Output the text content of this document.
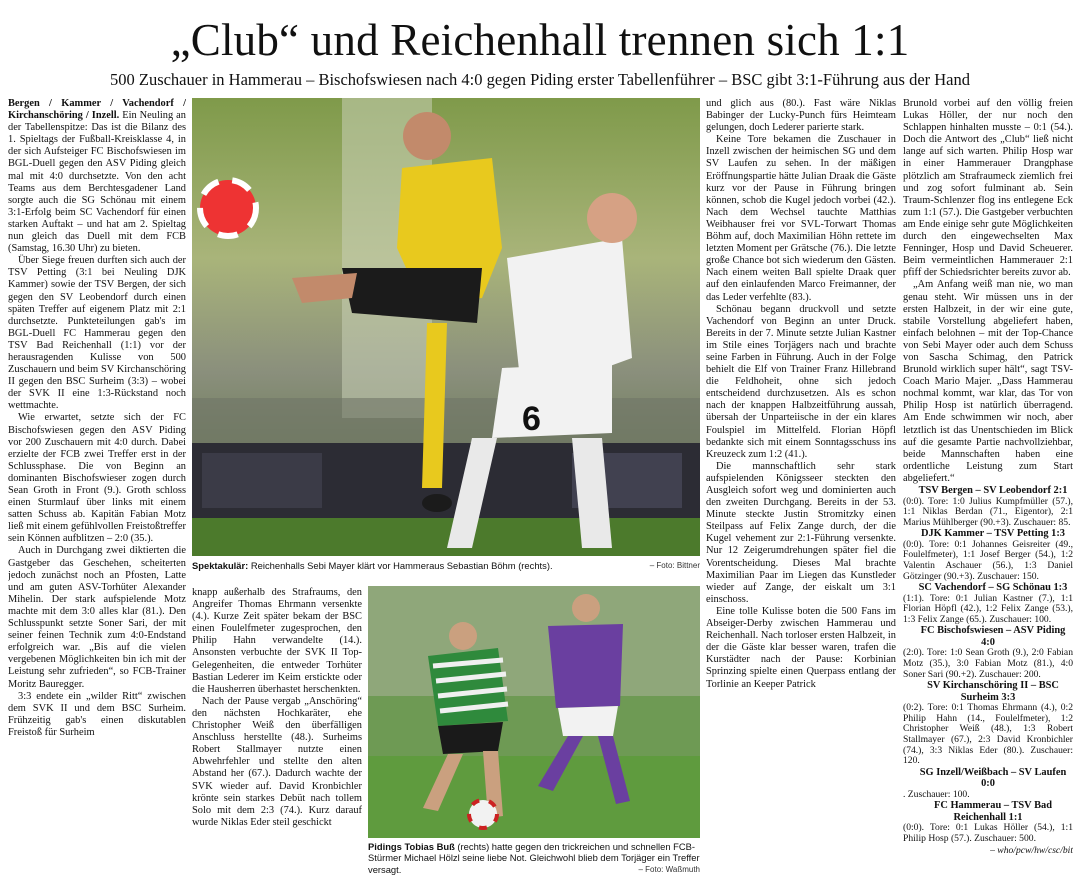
„Club“ und Reichenhall trennen sich 1:1

500 Zuschauer in Hammerau – Bischofswiesen nach 4:0 gegen Piding erster Tabellenführer – BSC gibt 3:1-Führung aus der Hand

Bergen / Kammer / Vachendorf / Kirchanschöring / Inzell. Ein Neuling an der Tabellenspitze: Das ist die Bilanz des 1. Spieltags der Fußball-Kreisklasse 4, in der sich Aufsteiger FC Bischofswiesen im BGL-Duell gegen den ASV Piding gleich mal mit 4:0 durchsetzte. Von den acht Teams aus dem Berchtesgadener Land sorgte auch die SG Schönau mit einem 3:1-Erfolg beim SC Vachendorf für einen starken Auftakt – und hat am 2. Spieltag nun gleich das Duell mit dem FCB (Samstag, 16.30 Uhr) zu bieten.

Über Siege freuen durften sich auch der TSV Petting (3:1 bei Neuling DJK Kammer) sowie der TSV Bergen, der sich gegen den SV Leobendorf durch einen späten Treffer auf eigenem Platz mit 2:1 durchsetzte. Punkteteilungen gab's im BGL-Duell FC Hammerau gegen den TSV Bad Reichenhall (1:1) vor der herausragenden Kulisse von 500 Zuschauern und beim SV Kirchanschöring II gegen den BSC Surheim (3:3) – wobei der SVK II eine 1:3-Rückstand noch wettmachte.

Wie erwartet, setzte sich der FC Bischofswiesen gegen den ASV Piding vor 200 Zuschauern mit 4:0 durch. Dabei erzielte der FCB zwei Treffer erst in der Schlussphase. Die von Beginn an dominanten Bischofswieser zogen durch Sean Groth in Front (9.). Groth schloss einen Sturmlauf über links mit einem satten Schuss ab. Kapitän Fabian Motz ließ mit einem gefühlvollen Freistoßtreffer sein Können aufblitzen – 2:0 (35.).

Auch in Durchgang zwei diktierten die Gastgeber das Geschehen, scheiterten jedoch zunächst noch an Pfosten, Latte und am guten ASV-Torhüter Alexander Mihelin. Der stark aufspielende Motz machte mit dem 3:0 alles klar (81.). Den Schlusspunkt setzte Soner Sari, der mit seiner feinen Technik zum 4:0-Endstand erfolgreich war. „Bis auf die vielen vergebenen Möglichkeiten bin ich mit der Leistung sehr zufrieden“, so FCB-Trainer Moritz Bauregger.

3:3 endete ein „wilder Ritt“ zwischen dem SVK II und dem BSC Surheim. Frühzeitig gab's einen diskutablen Freistoß für Surheim

6
Spektakulär: Reichenhalls Sebi Mayer klärt vor Hammeraus Sebastian Böhm (rechts).	– Foto: Bittner

knapp außerhalb des Strafraums, den Angreifer Thomas Ehrmann versenkte (4.). Kurze Zeit später bekam der BSC einen Foulelfmeter zugesprochen, den Philip Hahn verwandelte (14.). Ansonsten verbuchte der SVK II Top-Gelegenheiten, die entweder Torhüter Bastian Lederer im Keim erstickte oder die Hausherren überhastet herschenkten.

Nach der Pause vergab „Anschöring“ den nächsten Hochkaräter, ehe Christopher Weiß den überfälligen Anschluss herstellte (48.). Surheims Robert Stallmayer nutzte einen Abwehrfehler und stellte den alten Abstand her (67.). Dadurch wachte der SVK wieder auf. David Kronbichler krönte sein starkes Debüt nach tollem Solo mit dem 2:3 (74.). Kurz darauf wurde Niklas Eder steil geschickt

Pidings Tobias Buß (rechts) hatte gegen den trickreichen und schnellen FCB-Stürmer Michael Hölzl seine liebe Not. Gleichwohl blieb dem Torjäger ein Treffer versagt.	– Foto: Waßmuth

und glich aus (80.). Fast wäre Niklas Babinger der Lucky-Punch fürs Heimteam gelungen, doch Lederer parierte stark.

Keine Tore bekamen die Zuschauer in Inzell zwischen der heimischen SG und dem SV Laufen zu sehen. In der mäßigen Eröffnungspartie hätte Julian Draak die Gäste kurz vor der Pause in Führung bringen können, schob die Kugel jedoch vorbei (42.). Nach dem Wechsel tauchte Matthias Weibhauser frei vor SVL-Torwart Thomas Böhm auf, doch Maximilian Höhn rettete im letzten Moment per Grätsche (76.). Die letzte große Chance bot sich wiederum den Gästen. Nach einem weiten Ball spielte Draak quer auf den einlaufenden Marco Freimanner, der das Leder verfehlte (83.).

Schönau begann druckvoll und setzte Vachendorf von Beginn an unter Druck. Bereits in der 7. Minute setzte Julian Kastner im Stile eines Torjägers nach und brachte seine Farben in Führung. Auch in der Folge behielt die Elf von Trainer Franz Hillebrand die Feldhoheit, ohne sich jedoch entscheidend durchzusetzen. Als es schon nach der knappen Halbzeitführung aussah, übersah der Unparteiische in der ein klares Foulspiel im Mittelfeld. Florian Höpfl bedankte sich mit einem Sonntagsschuss ins Kreuzeck zum 1:2 (41.).

Die mannschaftlich sehr stark aufspielenden Königsseer steckten den Ausgleich sofort weg und dominierten auch den zweiten Durchgang. Bereits in der 53. Minute steckte Justin Stromitzky einen Steilpass auf Felix Zange durch, der die Kugel vehement zur 2:1-Führung versenkte. Nur 12 Zeigerumdrehungen später fiel die Vorentscheidung. Dieses Mal brachte Maximilian Paar im Liegen das Kunstleder wieder auf Zange, der eiskalt um 3:1 einschoss.

Eine tolle Kulisse boten die 500 Fans im Abseiger-Derby zwischen Hammerau und Reichenhall. Nach torloser ersten Halbzeit, in der die Gäste klar besser waren, trafen die Kurstädter nach der Pause: Korbinian Sprinzing spielte einen Querpass entlang der Torlinie an Keeper Patrick

Brunold vorbei auf den völlig freien Lukas Höller, der nur noch den Schlappen hinhalten musste – 0:1 (54.). Doch die Antwort des „Club“ ließ nicht lange auf sich warten. Philip Hosp war in einer Hammerauer Drangphase plötzlich am Strafraumeck ziemlich frei und zog sofort fulminant ab. Sein Traum-Schlenzer flog ins entlegene Eck zum 1:1 (57.). Die Gastgeber verbuchten am Ende einige sehr gute Möglichkeiten durch den eingewechselten Max Fenninger, Hosp und David Scheuerer. Beim vermeintlichen Hammerauer 2:1 pfiff der Schiedsrichter bereits zuvor ab.

„Am Anfang weiß man nie, wo man genau steht. Wir müssen uns in der ersten Halbzeit, in der wir eine gute, stabile Vorstellung abgeliefert haben, einfach belohnen – mit der Top-Chance von Sebi Mayer oder auch dem Schuss von Sascha Schimag, den Patrick Brunold wirklich super hält“, sagt TSV-Coach Mario Majer. „Dass Hammerau nochmal kommt, war klar, das Tor von Philip Hosp ist natürlich überragend. Am Ende schwimmen wir noch, aber letztlich ist das Unentschieden im Blick auf die gesamte Partie nachvollziehbar, beide Mannschaften haben eine ordentliche Leistung zum Start abgeliefert.“

TSV Bergen – SV Leobendorf 2:1
(0:0). Tore: 1:0 Julius Kumpfmüller (57.), 1:1 Niklas Berdan (71., Eigentor), 2:1 Marius Mühlberger (90.+3). Zuschauer: 85.

DJK Kammer – TSV Petting 1:3
(0:0). Tore: 0:1 Johannes Geisreiter (49., Foulelfmeter), 1:1 Josef Berger (54.), 1:2 Valentin Aschauer (56.), 1:3 Daniel Götzinger (90.+3). Zuschauer: 150.

SC Vachendorf – SG Schönau 1:3
(1:1). Tore: 0:1 Julian Kastner (7.), 1:1 Florian Höpfl (42.), 1:2 Felix Zange (53.), 1:3 Felix Zange (65.). Zuschauer: 100.

FC Bischofswiesen – ASV Piding 4:0
(2:0). Tore: 1:0 Sean Groth (9.), 2:0 Fabian Motz (35.), 3:0 Fabian Motz (81.), 4:0 Soner Sari (90.+2). Zuschauer: 200.

SV Kirchanschöring II – BSC Surheim 3:3
(0:2). Tore: 0:1 Thomas Ehrmann (4.), 0:2 Philip Hahn (14., Foulelfmeter), 1:2 Christopher Weiß (48.), 1:3 Robert Stallmayer (67.), 2:3 David Kronbichler (74.), 3:3 Niklas Eder (80.). Zuschauer: 120.

SG Inzell/Weißbach – SV Laufen 0:0
. Zuschauer: 100.

FC Hammerau – TSV Bad Reichenhall 1:1
(0:0). Tore: 0:1 Lukas Höller (54.), 1:1 Philip Hosp (57.). Zuschauer: 500.

– who/pcw/hw/csc/bit
